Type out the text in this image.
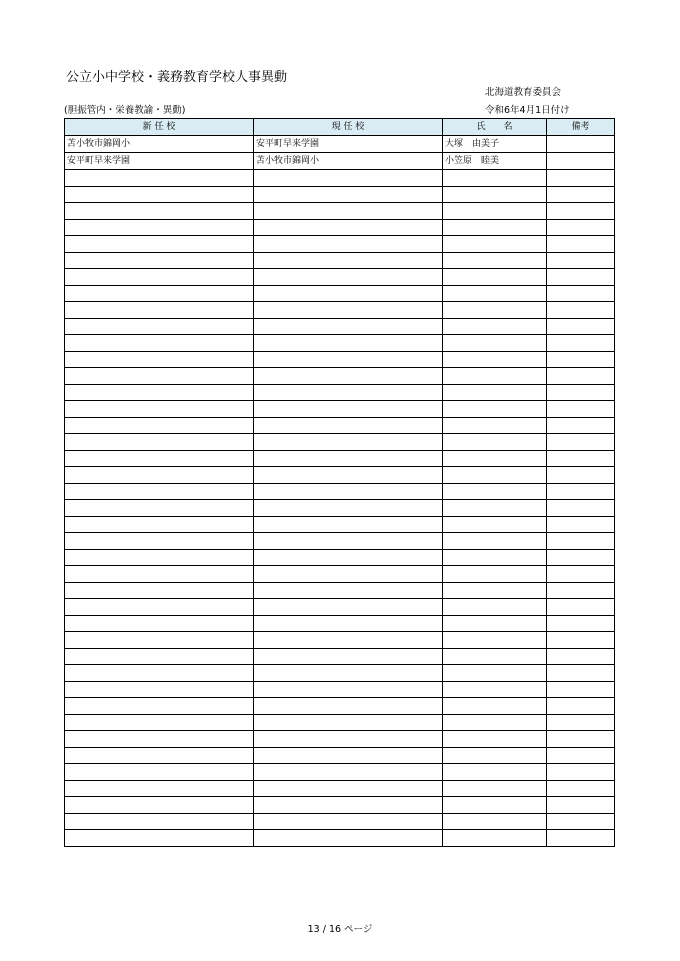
公立小中学校・義務教育学校人事異動
北海道教育委員会
(胆振管内・栄養教諭・異動)	令和6年4月1日付け
新 任 校	現 任 校	氏　　名	備考
苫小牧市錦岡小	安平町早来学園	大塚　由美子	
安平町早来学園	苫小牧市錦岡小	小笠原　睦美	

13 / 16 ページ
